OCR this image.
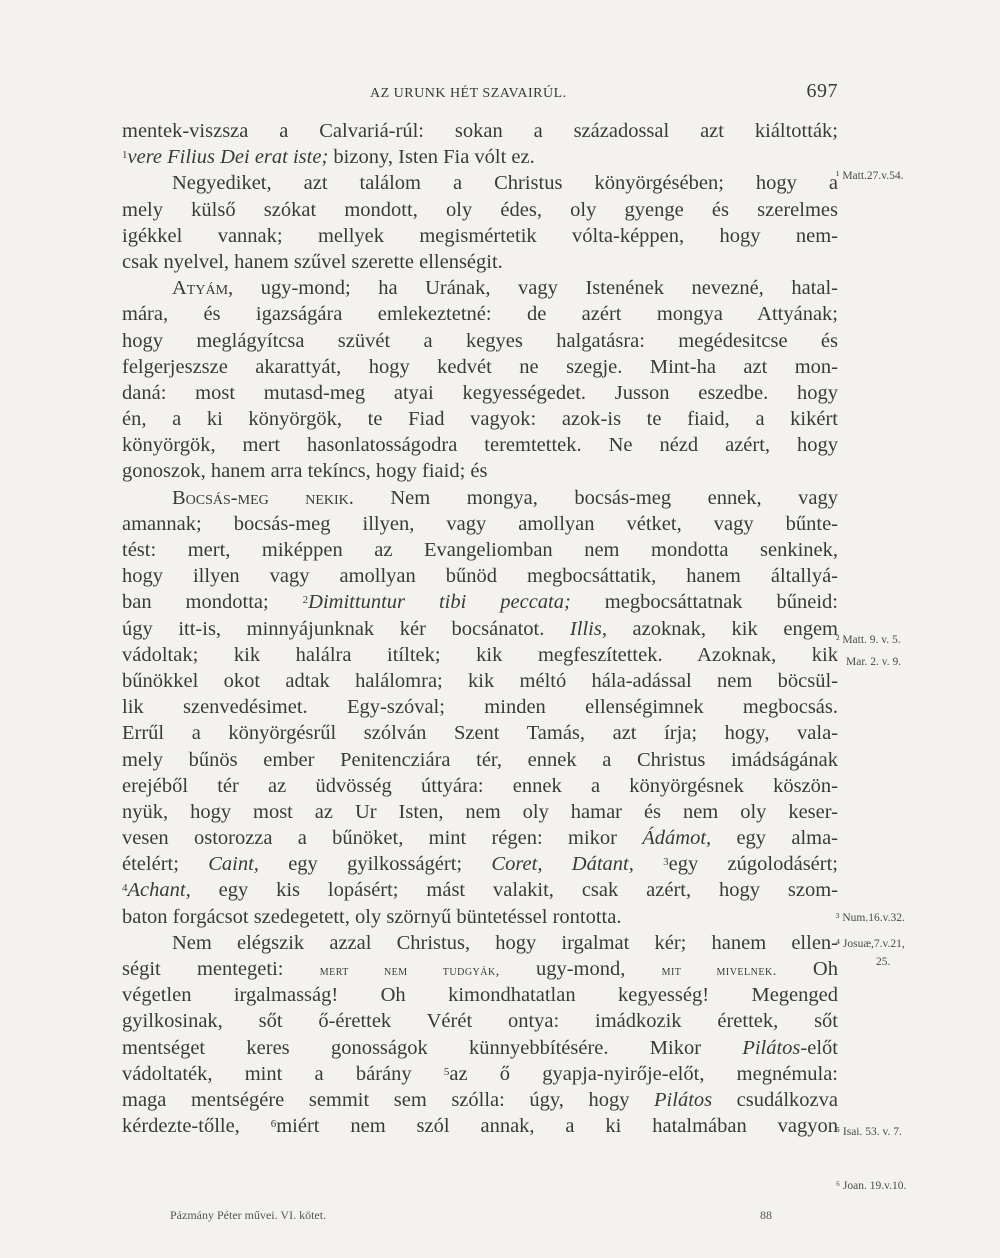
AZ URUNK HÉT SZAVAIRÚL.	697
mentek-viszsza a Calvariá-rúl: sokan a századossal azt kiáltották;
$^1$vere Filius Dei erat iste; bizony, Isten Fia vólt ez.
Negyediket, azt találom a Christus könyörgésében; hogy a
mely külső szókat mondott, oly édes, oly gyenge és szerelmes
igékkel vannak; mellyek megismértetik vólta-képpen, hogy nem-
csak nyelvel, hanem szűvel szerette ellenségit.
Atyám, ugy-mond; ha Urának, vagy Istenének nevezné, hatal-
mára, és igazságára emlekeztetné: de azért mongya Attyának;
hogy meglágyítcsa szüvét a kegyes halgatásra: megédesitcse és
felgerjeszsze akarattyát, hogy kedvét ne szegje. Mint-ha azt mon-
daná: most mutasd-meg atyai kegyességedet. Jusson eszedbe. hogy
én, a ki könyörgök, te Fiad vagyok: azok-is te fiaid, a kikért
könyörgök, mert hasonlatosságodra teremtettek. Ne nézd azért, hogy
gonoszok, hanem arra tekíncs, hogy fiaid; és
Bocsás-meg nekik. Nem mongya, bocsás-meg ennek, vagy
amannak; bocsás-meg illyen, vagy amollyan vétket, vagy bűnte-
tést: mert, miképpen az Evangeliomban nem mondotta senkinek,
hogy illyen vagy amollyan bűnöd megbocsáttatik, hanem általlyá-
ban mondotta; $^2$Dimittuntur tibi peccata; megbocsáttatnak bűneid:
úgy itt-is, minnyájunknak kér bocsánatot. Illis, azoknak, kik engem
vádoltak; kik halálra itíltek; kik megfeszítettek. Azoknak, kik
bűnökkel okot adtak halálomra; kik méltó hála-adással nem böcsül-
lik szenvedésimet. Egy-szóval; minden ellenségimnek megbocsás.
Errűl a könyörgésrűl szólván Szent Tamás, azt írja; hogy, vala-
mely bűnös ember Penitencziára tér, ennek a Christus imádságának
erejéből tér az üdvösség úttyára: ennek a könyörgésnek köszön-
nyük, hogy most az Ur Isten, nem oly hamar és nem oly keser-
vesen ostorozza a bűnöket, mint régen: mikor Ádámot, egy alma-
ételért; Caint, egy gyilkosságért; Coret, Dátant,	$^3$egy zúgolodásért;
$^4$Achant, egy kis lopásért; mást valakit, csak azért, hogy szom-
baton forgácsot szedegetett, oly szörnyű büntetéssel rontotta.
Nem elégszik azzal Christus, hogy irgalmat kér; hanem ellen-
ségit mentegeti: mert nem tudgyák, ugy-mond, mit mivelnek. Oh
végetlen irgalmasság! Oh kimondhatatlan kegyesség! Megenged
gyilkosinak, sőt ő-érettek Vérét ontya: imádkozik érettek, sőt
mentséget keres gonosságok künnyebbítésére. Mikor Pilátos-előt
vádoltaték, mint a bárány $^5$az ő gyapja-nyirője-előt, megnémula:
maga mentségére semmit sem szólla: úgy, hogy Pilátos csudálkozva
kérdezte-tőlle, $^6$miért nem szól annak, a ki hatalmában vagyon
¹ Matt.27.v.54.
² Matt. 9. v. 5.
Mar. 2. v. 9.
³ Num.16.v.32.
⁴ Josuæ,7.v.21,
25.
⁵ Isai. 53. v. 7.
⁶ Joan. 19.v.10.
Pázmány Péter művei. VI. kötet.	88
